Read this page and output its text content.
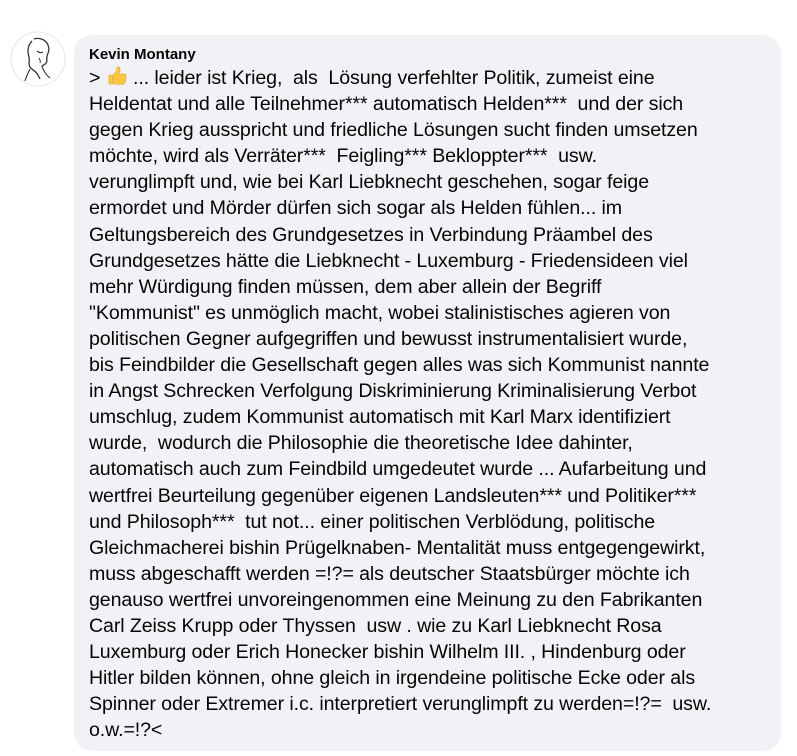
Kevin Montany
>  ... leider ist Krieg,  als  Lösung verfehlter Politik, zumeist eine
Heldentat und alle Teilnehmer*** automatisch Helden***  und der sich
gegen Krieg ausspricht und friedliche Lösungen sucht finden umsetzen
möchte, wird als Verräter***  Feigling*** Bekloppter***  usw.
verunglimpft und, wie bei Karl Liebknecht geschehen, sogar feige
ermordet und Mörder dürfen sich sogar als Helden fühlen... im
Geltungsbereich des Grundgesetzes in Verbindung Präambel des
Grundgesetzes hätte die Liebknecht - Luxemburg - Friedensideen viel
mehr Würdigung finden müssen, dem aber allein der Begriff
"Kommunist" es unmöglich macht, wobei stalinistisches agieren von
politischen Gegner aufgegriffen und bewusst instrumentalisiert wurde,
bis Feindbilder die Gesellschaft gegen alles was sich Kommunist nannte
in Angst Schrecken Verfolgung Diskriminierung Kriminalisierung Verbot
umschlug, zudem Kommunist automatisch mit Karl Marx identifiziert
wurde,  wodurch die Philosophie die theoretische Idee dahinter,
automatisch auch zum Feindbild umgedeutet wurde ... Aufarbeitung und
wertfrei Beurteilung gegenüber eigenen Landsleuten*** und Politiker***
und Philosoph***  tut not... einer politischen Verblödung, politische
Gleichmacherei bishin Prügelknaben- Mentalität muss entgegengewirkt,
muss abgeschafft werden =!?= als deutscher Staatsbürger möchte ich
genauso wertfrei unvoreingenommen eine Meinung zu den Fabrikanten
Carl Zeiss Krupp oder Thyssen  usw . wie zu Karl Liebknecht Rosa
Luxemburg oder Erich Honecker bishin Wilhelm III. , Hindenburg oder
Hitler bilden können, ohne gleich in irgendeine politische Ecke oder als
Spinner oder Extremer i.c. interpretiert verunglimpft zu werden=!?=  usw.
o.w.=!?<
